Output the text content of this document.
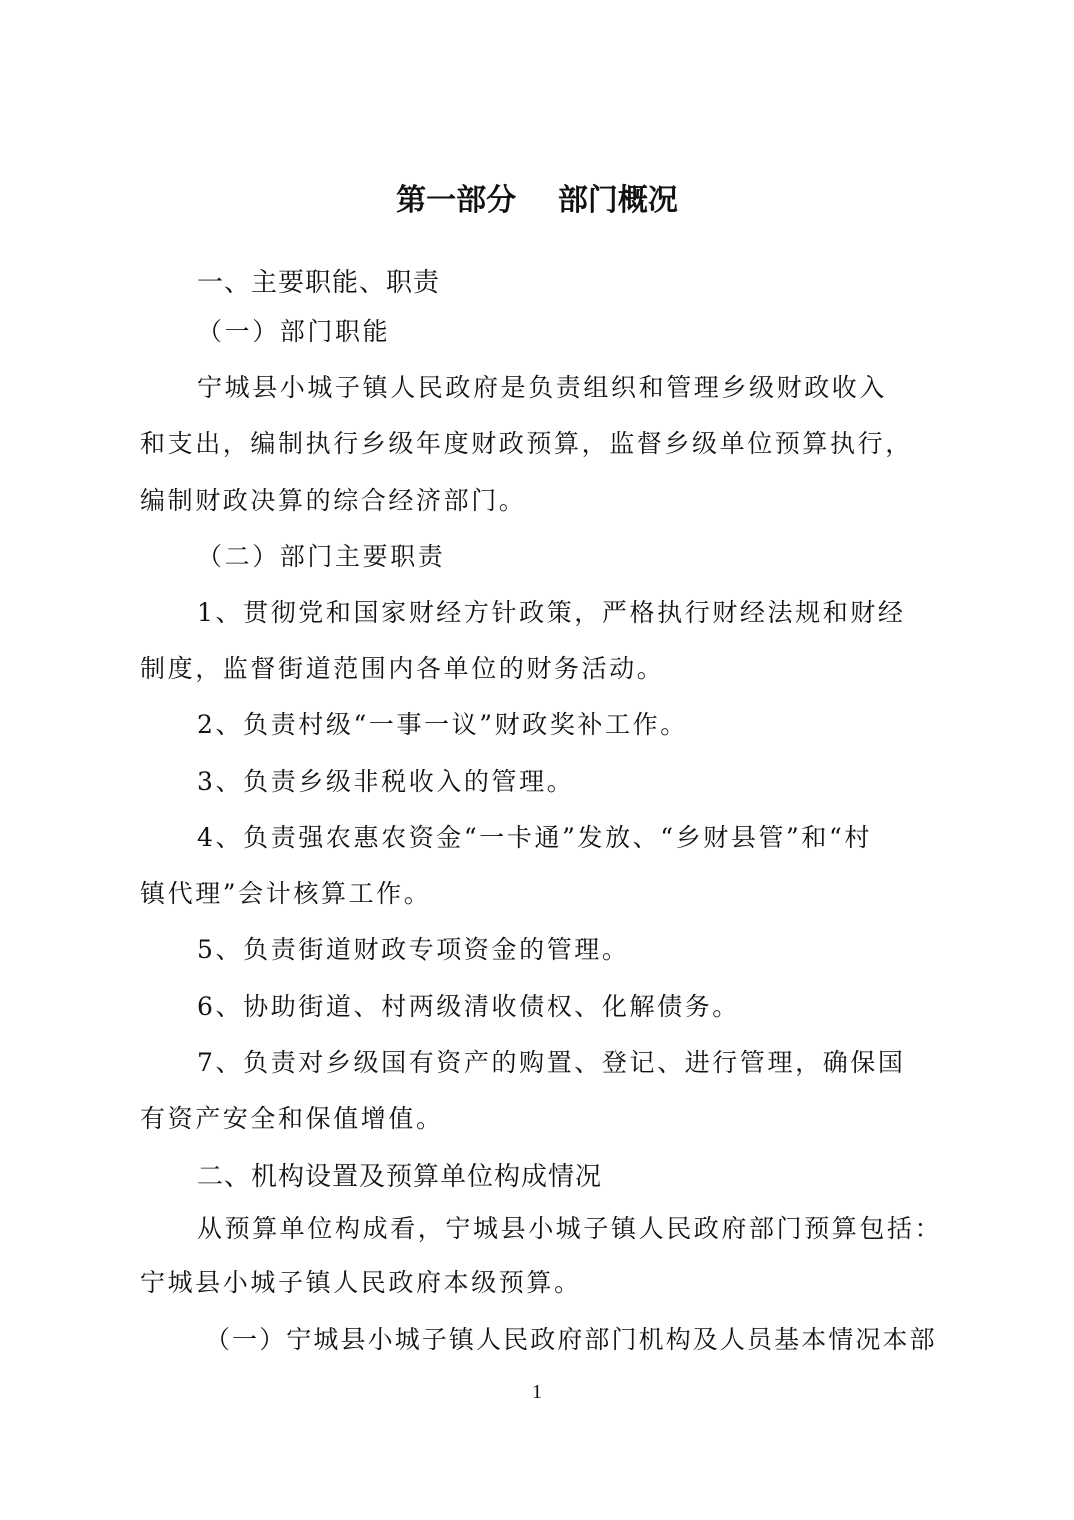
第一部分    部门概况
一、主要职能、职责
（一）部门职能
宁城县小城子镇人民政府是负责组织和管理乡级财政收入
和支出，编制执行乡级年度财政预算，监督乡级单位预算执行，
编制财政决算的综合经济部门。
（二）部门主要职责
1、贯彻党和国家财经方针政策，严格执行财经法规和财经
制度，监督街道范围内各单位的财务活动。
2、负责村级“一事一议”财政奖补工作。
3、负责乡级非税收入的管理。
4、负责强农惠农资金“一卡通”发放、“乡财县管”和“村
镇代理”会计核算工作。
5、负责街道财政专项资金的管理。
6、协助街道、村两级清收债权、化解债务。
7、负责对乡级国有资产的购置、登记、进行管理，确保国
有资产安全和保值增值。
二、机构设置及预算单位构成情况
从预算单位构成看，宁城县小城子镇人民政府部门预算包括：
宁城县小城子镇人民政府本级预算。
（一）宁城县小城子镇人民政府部门机构及人员基本情况本部
1
